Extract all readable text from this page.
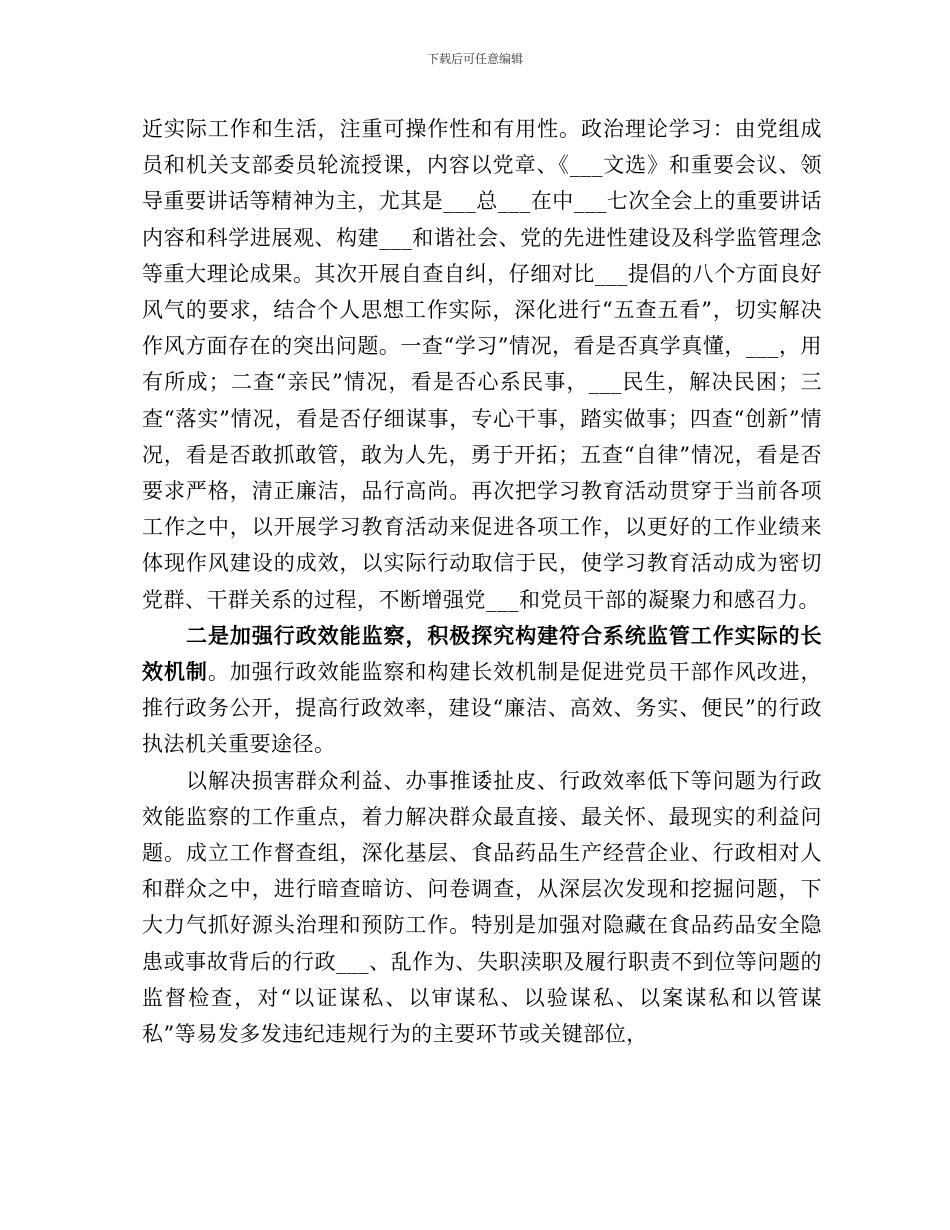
下载后可任意编辑

近实际工作和生活，注重可操作性和有用性。政治理论学习：由党组成员和机关支部委员轮流授课，内容以党章、《___文选》和重要会议、领导重要讲话等精神为主，尤其是___总___在中___七次全会上的重要讲话内容和科学进展观、构建___和谐社会、党的先进性建设及科学监管理念等重大理论成果。其次开展自查自纠，仔细对比___提倡的八个方面良好风气的要求，结合个人思想工作实际，深化进行“五查五看”，切实解决作风方面存在的突出问题。一查“学习”情况，看是否真学真懂，___，用有所成；二查“亲民”情况，看是否心系民事，___民生，解决民困；三查“落实”情况，看是否仔细谋事，专心干事，踏实做事；四查“创新”情况，看是否敢抓敢管，敢为人先，勇于开拓；五查“自律”情况，看是否要求严格，清正廉洁，品行高尚。再次把学习教育活动贯穿于当前各项工作之中，以开展学习教育活动来促进各项工作，以更好的工作业绩来体现作风建设的成效，以实际行动取信于民，使学习教育活动成为密切党群、干群关系的过程，不断增强党___和党员干部的凝聚力和感召力。

二是加强行政效能监察，积极探究构建符合系统监管工作实际的长效机制。加强行政效能监察和构建长效机制是促进党员干部作风改进，推行政务公开，提高行政效率，建设“廉洁、高效、务实、便民”的行政执法机关重要途径。

以解决损害群众利益、办事推诿扯皮、行政效率低下等问题为行政效能监察的工作重点，着力解决群众最直接、最关怀、最现实的利益问题。成立工作督查组，深化基层、食品药品生产经营企业、行政相对人和群众之中，进行暗查暗访、问卷调查，从深层次发现和挖掘问题，下大力气抓好源头治理和预防工作。特别是加强对隐藏在食品药品安全隐患或事故背后的行政___、乱作为、失职渎职及履行职责不到位等问题的监督检查，对“以证谋私、以审谋私、以验谋私、以案谋私和以管谋私”等易发多发违纪违规行为的主要环节或关键部位，
